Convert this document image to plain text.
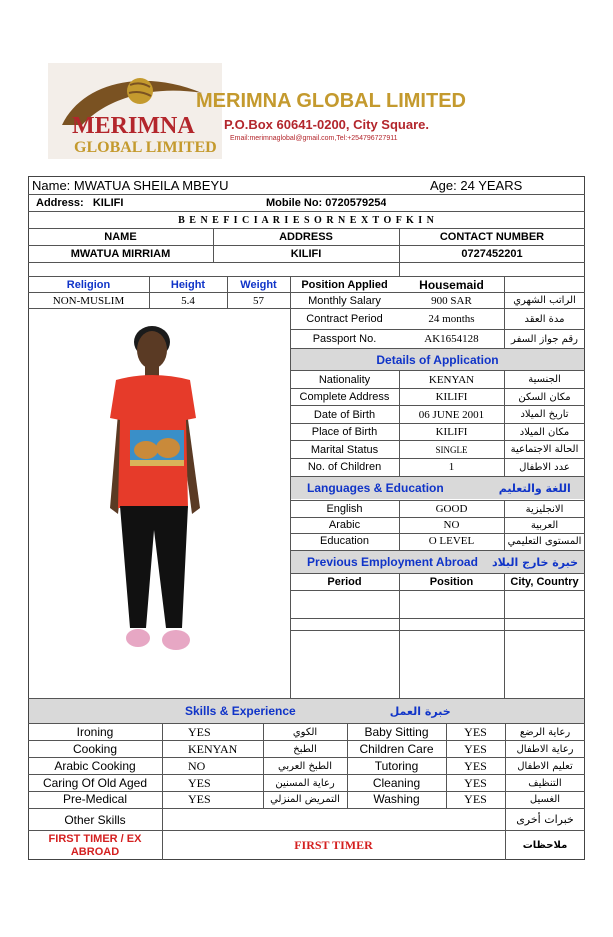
MERIMNA
GLOBAL LIMITED
MERIMNA GLOBAL LIMITED
P.O.Box 60641-0200, City Square.
Email:merimnaglobal@gmail.com,Tel:+254796727911
Name:
MWATUA SHEILA MBEYU	Age:
24 YEARS
Address:
KILIFI	Mobile No:
0720579254
B E N E F I C I A R I E S O R N E X T O F K I N
NAME	ADDRESS	CONTACT NUMBER
MWATUA MIRRIAM	KILIFI	0727452201
Religion	Height	Weight	Position Applied	Housemaid
NON-MUSLIM	5.4	57	Monthly Salary	900 SAR	الراتب الشهري
Contract Period	24 months	مدة العقد
Passport No.	AK1654128	رقم جواز السفر
Details of Application
Nationality	KENYAN	الجنسية
Complete Address	KILIFI	مكان السكن
Date of Birth	06 JUNE 2001	تاريخ الميلاد
Place of Birth	KILIFI	مكان الميلاد
Marital Status	SINGLE	الحالة الاجتماعية
No. of Children	1	عدد الاطفال
Languages & Education	اللغة والتعليم
English	GOOD	الانجليزية
Arabic	NO	العربية
Education	O LEVEL	المستوى التعليمي
Previous Employment Abroad خبرة خارج البلاد
Period	Position	City, Country
Skills & Experience	خبرة العمل
Ironing	YES	الكوي	Baby Sitting	YES	رعاية الرضع
Cooking	KENYAN	الطبخ	Children Care	YES	رعاية الاطفال
Arabic Cooking	NO	الطبخ العربي	Tutoring	YES	تعليم الاطفال
Caring Of Old Aged	YES	رعاية المسنين	Cleaning	YES	التنظيف
Pre-Medical	YES	التمريض المنزلي	Washing	YES	الغسيل
Other Skills	خبرات أخرى
FIRST TIMER / EX ABROAD	FIRST TIMER	ملاحظات
